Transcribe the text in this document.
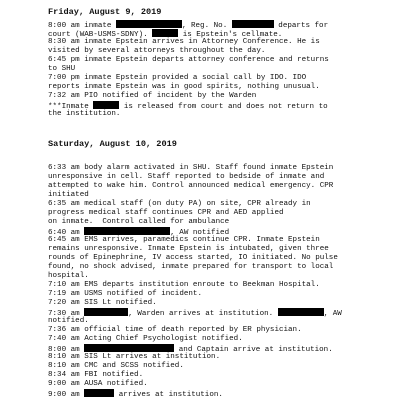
Friday, August 9, 2019
8:00 am inmate	, Reg. No.	departs for
court (WAB-USMS-SDNY).	is Epstein's cellmate.
8:30 am inmate Epstein arrives in Attorney Conference. He is
visited by several attorneys throughout the day.
6:45 pm inmate Epstein departs attorney conference and returns
to SHU
7:00 pm inmate Epstein provided a social call by IDO. IDO
reports inmate Epstein was in good spirits, nothing unusual.
7:32 am PIO notified of incident by the Warden
***Inmate	is released from court and does not return to
the institution.
Saturday, August 10, 2019
6:33 am body alarm activated in SHU. Staff found inmate Epstein
unresponsive in cell. Staff reported to bedside of inmate and
attempted to wake him. Control announced medical emergency. CPR
initiated
6:35 am medical staff (on duty PA) on site, CPR already in
progress medical staff continues CPR and AED applied
on inmate.  Control called for ambulance
6:40 am	, AW notified
6:45 am EMS arrives, paramedics continue CPR. Inmate Epstein
remains unresponsive. Inmate Epstein is intubated, given three
rounds of Epinephrine, IV access started, IO initiated. No pulse
found, no shock advised, inmate prepared for transport to local
hospital.
7:10 am EMS departs institution enroute to Beekman Hospital.
7:19 am USMS notified of incident.
7:20 am SIS Lt notified.
7:30 am	, Warden arrives at institution.	, AW
notified.
7:36 am official time of death reported by ER physician.
7:40 am Acting Chief Psychologist notified.
8:00 am	and Captain arrive at institution.
8:10 am SIS Lt arrives at institution.
8:10 am CMC and SCSS notified.
8:34 am FBI notified.
9:00 am AUSA notified.
9:00 am	arrives at institution.
